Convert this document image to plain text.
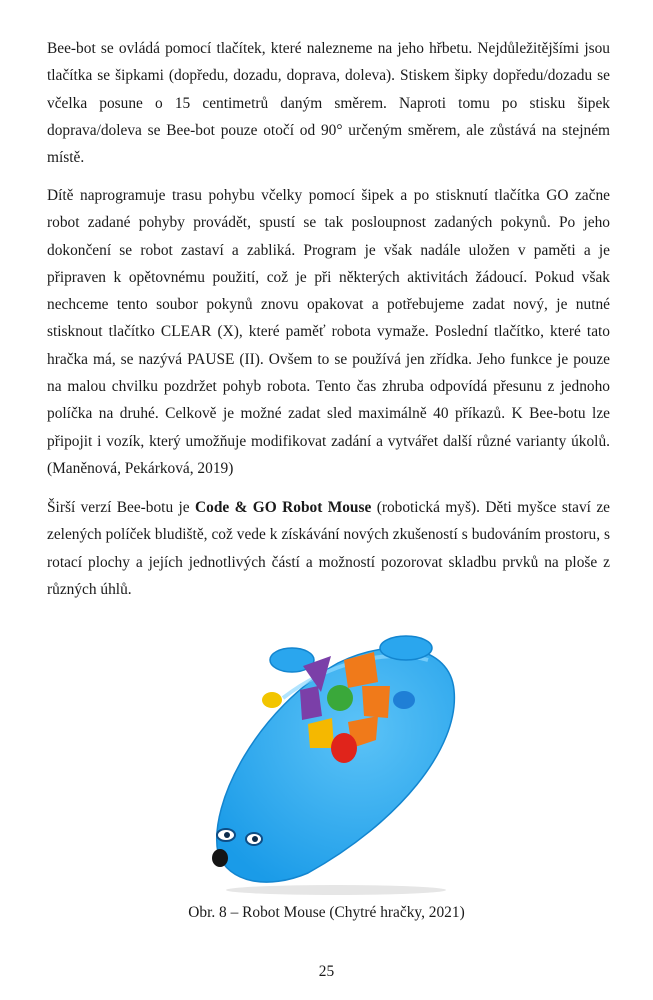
Bee-bot se ovládá pomocí tlačítek, které nalezneme na jeho hřbetu. Nejdůležitějšími jsou tlačítka se šipkami (dopředu, dozadu, doprava, doleva). Stiskem šipky dopředu/dozadu se včelka posune o 15 centimetrů daným směrem. Naproti tomu po stisku šipek doprava/doleva se Bee-bot pouze otočí od 90° určeným směrem, ale zůstává na stejném místě.

Dítě naprogramuje trasu pohybu včelky pomocí šipek a po stisknutí tlačítka GO začne robot zadané pohyby provádět, spustí se tak posloupnost zadaných pokynů. Po jeho dokončení se robot zastaví a zabliká. Program je však nadále uložen v paměti a je připraven k opětovnému použití, což je při některých aktivitách žádoucí. Pokud však nechceme tento soubor pokynů znovu opakovat a potřebujeme zadat nový, je nutné stisknout tlačítko CLEAR (X), které paměť robota vymaže. Poslední tlačítko, které tato hračka má, se nazývá PAUSE (II). Ovšem to se používá jen zřídka. Jeho funkce je pouze na malou chvilku pozdržet pohyb robota. Tento čas zhruba odpovídá přesunu z jednoho políčka na druhé. Celkově je možné zadat sled maximálně 40 příkazů. K Bee-botu lze připojit i vozík, který umožňuje modifikovat zadání a vytvářet další různé varianty úkolů. (Maněnová, Pekárková, 2019)

Širší verzí Bee-botu je Code & GO Robot Mouse (robotická myš). Děti myšce staví ze zelených políček bludiště, což vede k získávání nových zkušeností s budováním prostoru, s rotací plochy a jejích jednotlivých částí a možností pozorovat skladbu prvků na ploše z různých úhlů.

Obr. 8 – Robot Mouse (Chytré hračky, 2021)

25
